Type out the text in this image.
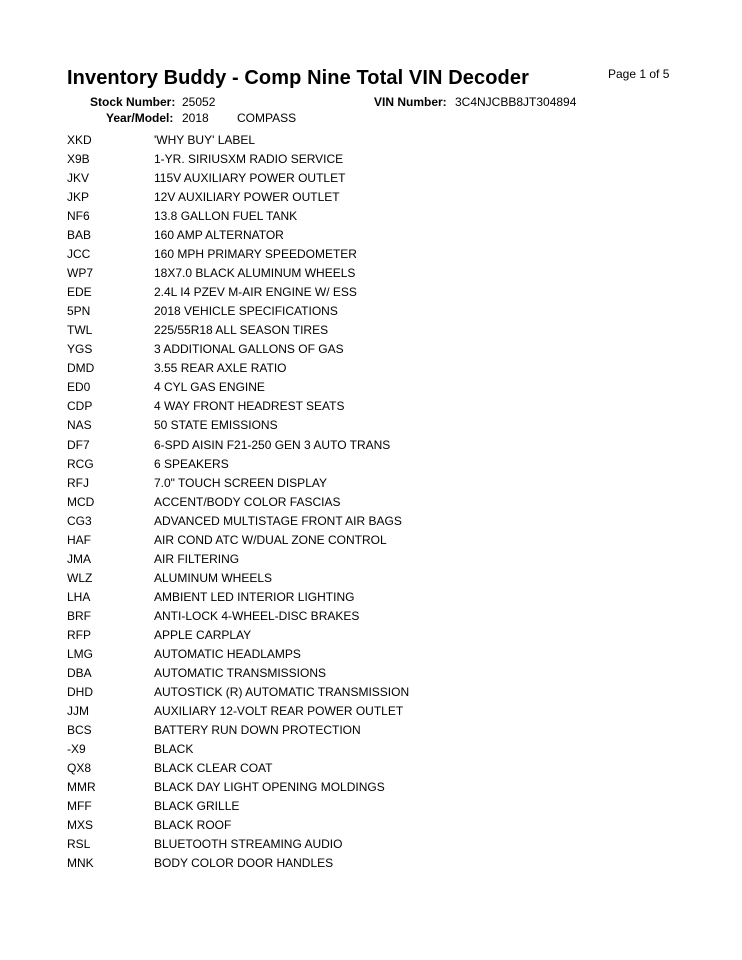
Inventory Buddy - Comp Nine Total VIN Decoder	Page 1 of 5
Stock Number: 25052	VIN Number: 3C4NJCBB8JT304894
Year/Model: 2018 COMPASS
XKD	'WHY BUY' LABEL
X9B	1-YR. SIRIUSXM RADIO SERVICE
JKV	115V AUXILIARY POWER OUTLET
JKP	12V AUXILIARY POWER OUTLET
NF6	13.8 GALLON FUEL TANK
BAB	160 AMP ALTERNATOR
JCC	160 MPH PRIMARY SPEEDOMETER
WP7	18X7.0 BLACK ALUMINUM WHEELS
EDE	2.4L I4 PZEV M-AIR ENGINE W/ ESS
5PN	2018 VEHICLE SPECIFICATIONS
TWL	225/55R18 ALL SEASON TIRES
YGS	3 ADDITIONAL GALLONS OF GAS
DMD	3.55 REAR AXLE RATIO
ED0	4 CYL GAS ENGINE
CDP	4 WAY FRONT HEADREST SEATS
NAS	50 STATE EMISSIONS
DF7	6-SPD AISIN F21-250 GEN 3 AUTO TRANS
RCG	6 SPEAKERS
RFJ	7.0" TOUCH SCREEN DISPLAY
MCD	ACCENT/BODY COLOR FASCIAS
CG3	ADVANCED MULTISTAGE FRONT AIR BAGS
HAF	AIR COND ATC W/DUAL ZONE CONTROL
JMA	AIR FILTERING
WLZ	ALUMINUM WHEELS
LHA	AMBIENT LED INTERIOR LIGHTING
BRF	ANTI-LOCK 4-WHEEL-DISC BRAKES
RFP	APPLE CARPLAY
LMG	AUTOMATIC HEADLAMPS
DBA	AUTOMATIC TRANSMISSIONS
DHD	AUTOSTICK (R) AUTOMATIC TRANSMISSION
JJM	AUXILIARY 12-VOLT REAR POWER OUTLET
BCS	BATTERY RUN DOWN PROTECTION
-X9	BLACK
QX8	BLACK CLEAR COAT
MMR	BLACK DAY LIGHT OPENING MOLDINGS
MFF	BLACK GRILLE
MXS	BLACK ROOF
RSL	BLUETOOTH STREAMING AUDIO
MNK	BODY COLOR DOOR HANDLES
